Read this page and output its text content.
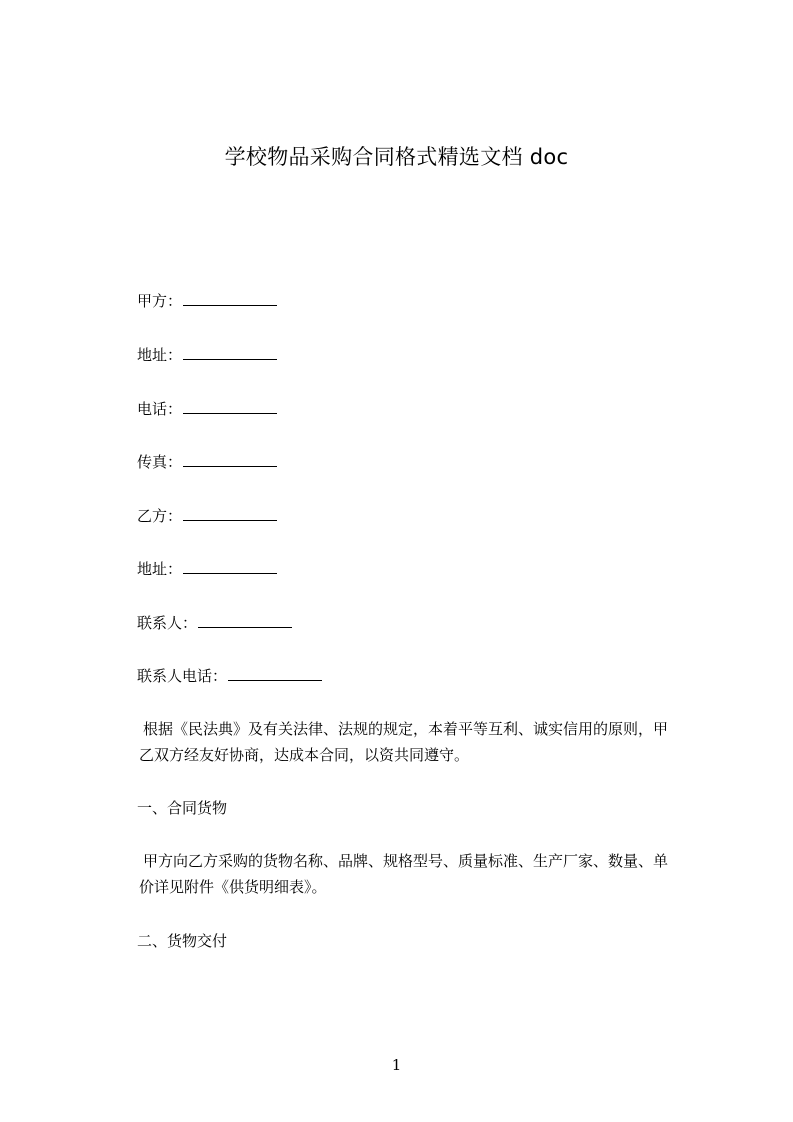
学校物品采购合同格式精选文档 doc
甲方：
地址：
电话：
传真：
乙方：
地址：
联系人：
联系人电话：
根据《民法典》及有关法律、法规的规定，本着平等互利、诚实信用的原则，甲
乙双方经友好协商，达成本合同，以资共同遵守。
一、合同货物
甲方向乙方采购的货物名称、品牌、规格型号、质量标准、生产厂家、数量、单
价详见附件《供货明细表》。
二、货物交付
1
